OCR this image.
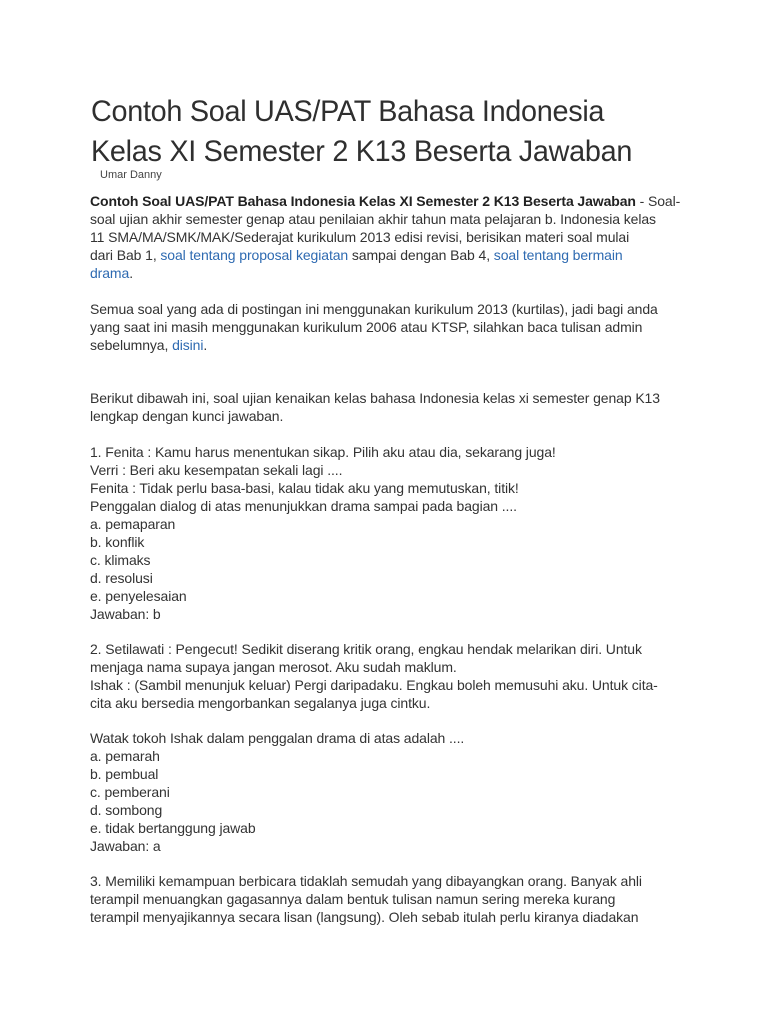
Contoh Soal UAS/PAT Bahasa Indonesia
Kelas XI Semester 2 K13 Beserta Jawaban
Umar Danny
Contoh Soal UAS/PAT Bahasa Indonesia Kelas XI Semester 2 K13 Beserta Jawaban - Soal-
soal ujian akhir semester genap atau penilaian akhir tahun mata pelajaran b. Indonesia kelas
11 SMA/MA/SMK/MAK/Sederajat kurikulum 2013 edisi revisi, berisikan materi soal mulai
dari Bab 1, soal tentang proposal kegiatan sampai dengan Bab 4, soal tentang bermain
drama.
Semua soal yang ada di postingan ini menggunakan kurikulum 2013 (kurtilas), jadi bagi anda
yang saat ini masih menggunakan kurikulum 2006 atau KTSP, silahkan baca tulisan admin
sebelumnya, disini.
Berikut dibawah ini, soal ujian kenaikan kelas bahasa Indonesia kelas xi semester genap K13
lengkap dengan kunci jawaban.
1. Fenita : Kamu harus menentukan sikap. Pilih aku atau dia, sekarang juga!
Verri : Beri aku kesempatan sekali lagi ....
Fenita : Tidak perlu basa-basi, kalau tidak aku yang memutuskan, titik!
Penggalan dialog di atas menunjukkan drama sampai pada bagian ....
a. pemaparan
b. konflik
c. klimaks
d. resolusi
e. penyelesaian
Jawaban: b
2. Setilawati : Pengecut! Sedikit diserang kritik orang, engkau hendak melarikan diri. Untuk
menjaga nama supaya jangan merosot. Aku sudah maklum.
Ishak : (Sambil menunjuk keluar) Pergi daripadaku. Engkau boleh memusuhi aku. Untuk cita-
cita aku bersedia mengorbankan segalanya juga cintku.
Watak tokoh Ishak dalam penggalan drama di atas adalah ....
a. pemarah
b. pembual
c. pemberani
d. sombong
e. tidak bertanggung jawab
Jawaban: a
3. Memiliki kemampuan berbicara tidaklah semudah yang dibayangkan orang. Banyak ahli
terampil menuangkan gagasannya dalam bentuk tulisan namun sering mereka kurang
terampil menyajikannya secara lisan (langsung). Oleh sebab itulah perlu kiranya diadakan
